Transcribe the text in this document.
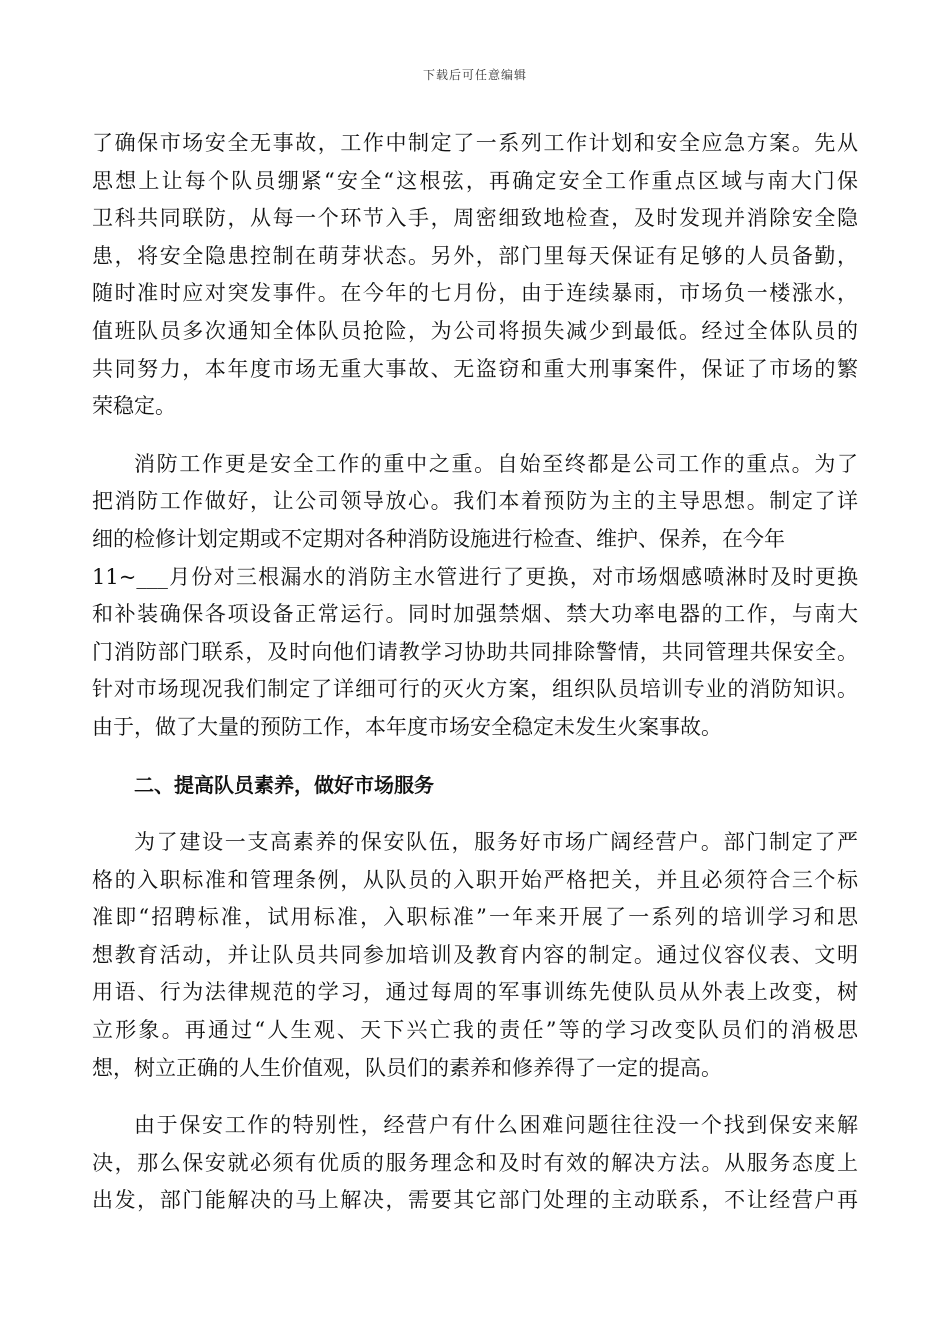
下载后可任意编辑
了确保市场安全无事故，工作中制定了一系列工作计划和安全应急方案。先从
思想上让每个队员绷紧“安全“这根弦，再确定安全工作重点区域与南大门保
卫科共同联防，从每一个环节入手，周密细致地检查，及时发现并消除安全隐
患，将安全隐患控制在萌芽状态。另外，部门里每天保证有足够的人员备勤，
随时准时应对突发事件。在今年的七月份，由于连续暴雨，市场负一楼涨水，
值班队员多次通知全体队员抢险，为公司将损失减少到最低。经过全体队员的
共同努力，本年度市场无重大事故、无盗窃和重大刑事案件，保证了市场的繁
荣稳定。
消防工作更是安全工作的重中之重。自始至终都是公司工作的重点。为了
把消防工作做好，让公司领导放心。我们本着预防为主的主导思想。制定了详
细的检修计划定期或不定期对各种消防设施进行检查、维护、保养，在今年
11~___月份对三根漏水的消防主水管进行了更换，对市场烟感喷淋时及时更换
和补装确保各项设备正常运行。同时加强禁烟、禁大功率电器的工作，与南大
门消防部门联系，及时向他们请教学习协助共同排除警情，共同管理共保安全。
针对市场现况我们制定了详细可行的灭火方案，组织队员培训专业的消防知识。
由于，做了大量的预防工作，本年度市场安全稳定未发生火案事故。
二、提高队员素养，做好市场服务
为了建设一支高素养的保安队伍，服务好市场广阔经营户。部门制定了严
格的入职标准和管理条例，从队员的入职开始严格把关，并且必须符合三个标
准即“招聘标准，试用标准，入职标准”一年来开展了一系列的培训学习和思
想教育活动，并让队员共同参加培训及教育内容的制定。通过仪容仪表、文明
用语、行为法律规范的学习，通过每周的军事训练先使队员从外表上改变，树
立形象。再通过“人生观、天下兴亡我的责任”等的学习改变队员们的消极思
想，树立正确的人生价值观，队员们的素养和修养得了一定的提高。
由于保安工作的特别性，经营户有什么困难问题往往没一个找到保安来解
决，那么保安就必须有优质的服务理念和及时有效的解决方法。从服务态度上
出发，部门能解决的马上解决，需要其它部门处理的主动联系，不让经营户再
